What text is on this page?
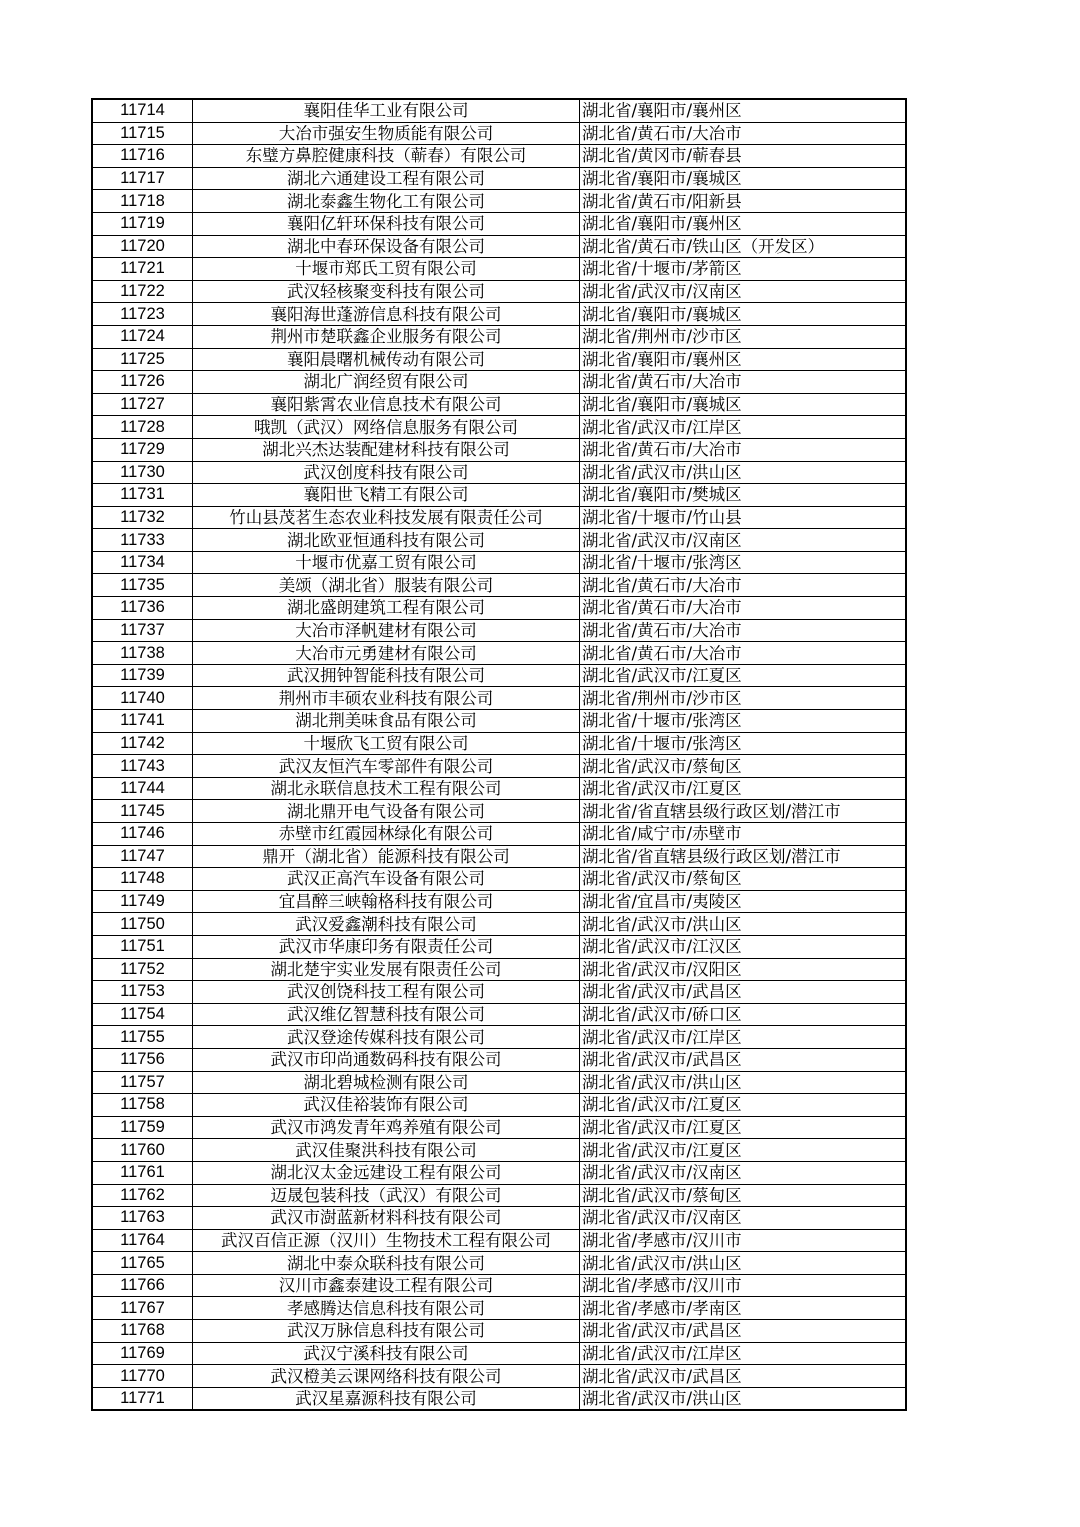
11714	襄阳佳华工业有限公司	湖北省/襄阳市/襄州区
11715	大冶市强安生物质能有限公司	湖北省/黄石市/大冶市
11716	东璧方鼻腔健康科技（蕲春）有限公司	湖北省/黄冈市/蕲春县
11717	湖北六通建设工程有限公司	湖北省/襄阳市/襄城区
11718	湖北泰鑫生物化工有限公司	湖北省/黄石市/阳新县
11719	襄阳亿轩环保科技有限公司	湖北省/襄阳市/襄州区
11720	湖北中春环保设备有限公司	湖北省/黄石市/铁山区（开发区）
11721	十堰市郑氏工贸有限公司	湖北省/十堰市/茅箭区
11722	武汉轻核聚变科技有限公司	湖北省/武汉市/汉南区
11723	襄阳海世蓬游信息科技有限公司	湖北省/襄阳市/襄城区
11724	荆州市楚联鑫企业服务有限公司	湖北省/荆州市/沙市区
11725	襄阳晨曙机械传动有限公司	湖北省/襄阳市/襄州区
11726	湖北广润经贸有限公司	湖北省/黄石市/大冶市
11727	襄阳紫霄农业信息技术有限公司	湖北省/襄阳市/襄城区
11728	哦凯（武汉）网络信息服务有限公司	湖北省/武汉市/江岸区
11729	湖北兴杰达装配建材科技有限公司	湖北省/黄石市/大冶市
11730	武汉创度科技有限公司	湖北省/武汉市/洪山区
11731	襄阳世飞精工有限公司	湖北省/襄阳市/樊城区
11732	竹山县茂茗生态农业科技发展有限责任公司	湖北省/十堰市/竹山县
11733	湖北欧亚恒通科技有限公司	湖北省/武汉市/汉南区
11734	十堰市优嘉工贸有限公司	湖北省/十堰市/张湾区
11735	美颂（湖北省）服装有限公司	湖北省/黄石市/大冶市
11736	湖北盛朗建筑工程有限公司	湖北省/黄石市/大冶市
11737	大冶市泽帆建材有限公司	湖北省/黄石市/大冶市
11738	大冶市元勇建材有限公司	湖北省/黄石市/大冶市
11739	武汉拥钟智能科技有限公司	湖北省/武汉市/江夏区
11740	荆州市丰硕农业科技有限公司	湖北省/荆州市/沙市区
11741	湖北荆美味食品有限公司	湖北省/十堰市/张湾区
11742	十堰欣飞工贸有限公司	湖北省/十堰市/张湾区
11743	武汉友恒汽车零部件有限公司	湖北省/武汉市/蔡甸区
11744	湖北永联信息技术工程有限公司	湖北省/武汉市/江夏区
11745	湖北鼎开电气设备有限公司	湖北省/省直辖县级行政区划/潜江市
11746	赤壁市红霞园林绿化有限公司	湖北省/咸宁市/赤壁市
11747	鼎开（湖北省）能源科技有限公司	湖北省/省直辖县级行政区划/潜江市
11748	武汉正高汽车设备有限公司	湖北省/武汉市/蔡甸区
11749	宜昌醉三峡翰格科技有限公司	湖北省/宜昌市/夷陵区
11750	武汉爱鑫潮科技有限公司	湖北省/武汉市/洪山区
11751	武汉市华康印务有限责任公司	湖北省/武汉市/江汉区
11752	湖北楚宇实业发展有限责任公司	湖北省/武汉市/汉阳区
11753	武汉创饶科技工程有限公司	湖北省/武汉市/武昌区
11754	武汉维亿智慧科技有限公司	湖北省/武汉市/硚口区
11755	武汉登途传媒科技有限公司	湖北省/武汉市/江岸区
11756	武汉市印尚通数码科技有限公司	湖北省/武汉市/武昌区
11757	湖北碧城检测有限公司	湖北省/武汉市/洪山区
11758	武汉佳裕装饰有限公司	湖北省/武汉市/江夏区
11759	武汉市鸿发青年鸡养殖有限公司	湖北省/武汉市/江夏区
11760	武汉佳聚洪科技有限公司	湖北省/武汉市/江夏区
11761	湖北汉太金远建设工程有限公司	湖北省/武汉市/汉南区
11762	迈晟包装科技（武汉）有限公司	湖北省/武汉市/蔡甸区
11763	武汉市澍蓝新材料科技有限公司	湖北省/武汉市/汉南区
11764	武汉百信正源（汉川）生物技术工程有限公司	湖北省/孝感市/汉川市
11765	湖北中泰众联科技有限公司	湖北省/武汉市/洪山区
11766	汉川市鑫泰建设工程有限公司	湖北省/孝感市/汉川市
11767	孝感腾达信息科技有限公司	湖北省/孝感市/孝南区
11768	武汉万脉信息科技有限公司	湖北省/武汉市/武昌区
11769	武汉宁溪科技有限公司	湖北省/武汉市/江岸区
11770	武汉橙美云课网络科技有限公司	湖北省/武汉市/武昌区
11771	武汉星嘉源科技有限公司	湖北省/武汉市/洪山区
